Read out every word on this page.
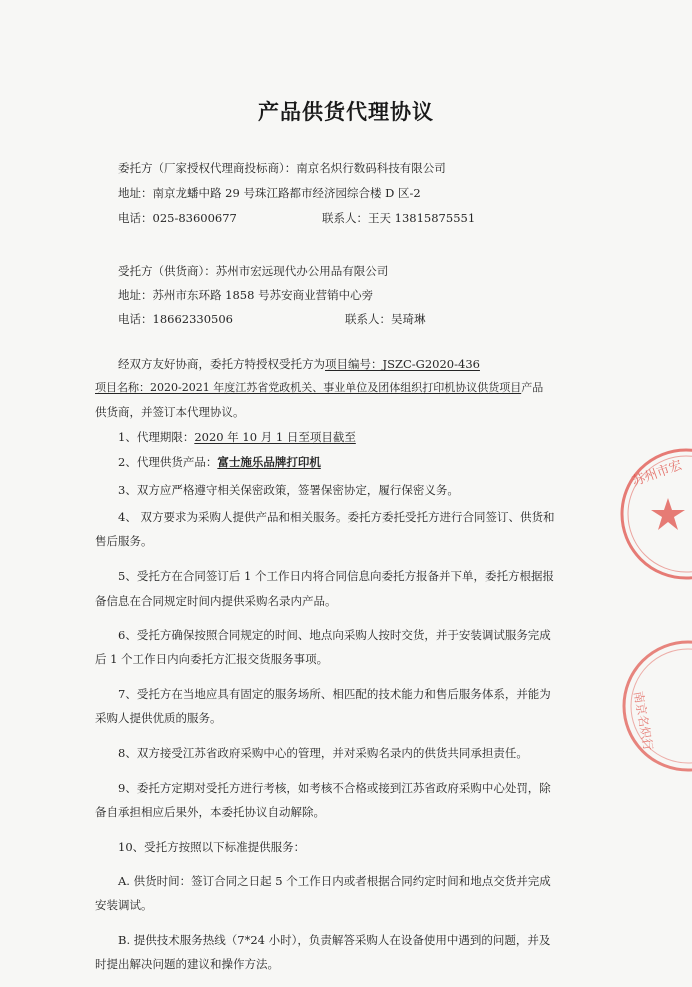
产品供货代理协议
委托方（厂家授权代理商投标商）：南京名炽行数码科技有限公司
地址：南京龙蟠中路 29 号珠江路都市经济园综合楼 D 区-2
电话：025-83600677	联系人：王天 13815875551
受托方（供货商）：苏州市宏远现代办公用品有限公司
地址：苏州市东环路 1858 号苏安商业营销中心旁
电话：18662330506	联系人：吴琦琳
经双方友好协商，委托方特授权受托方为项目编号：JSZC-G2020-436
项目名称：2020-2021 年度江苏省党政机关、事业单位及团体组织打印机协议供货项目产品
供货商，并签订本代理协议。
1、代理期限：2020 年 10 月 1 日至项目截至
2、代理供货产品：富士施乐品牌打印机
3、双方应严格遵守相关保密政策，签署保密协定，履行保密义务。
4、 双方要求为采购人提供产品和相关服务。委托方委托受托方进行合同签订、供货和
售后服务。
5、受托方在合同签订后 1 个工作日内将合同信息向委托方报备并下单，委托方根据报
备信息在合同规定时间内提供采购名录内产品。
6、受托方确保按照合同规定的时间、地点向采购人按时交货，并于安装调试服务完成
后 1 个工作日内向委托方汇报交货服务事项。
7、受托方在当地应具有固定的服务场所、相匹配的技术能力和售后服务体系，并能为
采购人提供优质的服务。
8、双方接受江苏省政府采购中心的管理，并对采购名录内的供货共同承担责任。
9、委托方定期对受托方进行考核，如考核不合格或接到江苏省政府采购中心处罚，除
备自承担相应后果外，本委托协议自动解除。
10、受托方按照以下标准提供服务：
A. 供货时间：签订合同之日起 5 个工作日内或者根据合同约定时间和地点交货并完成
安装调试。
B. 提供技术服务热线（7*24 小时），负责解答采购人在设备使用中遇到的问题，并及
时提出解决问题的建议和操作方法。
苏州市宏
南京名炽行
